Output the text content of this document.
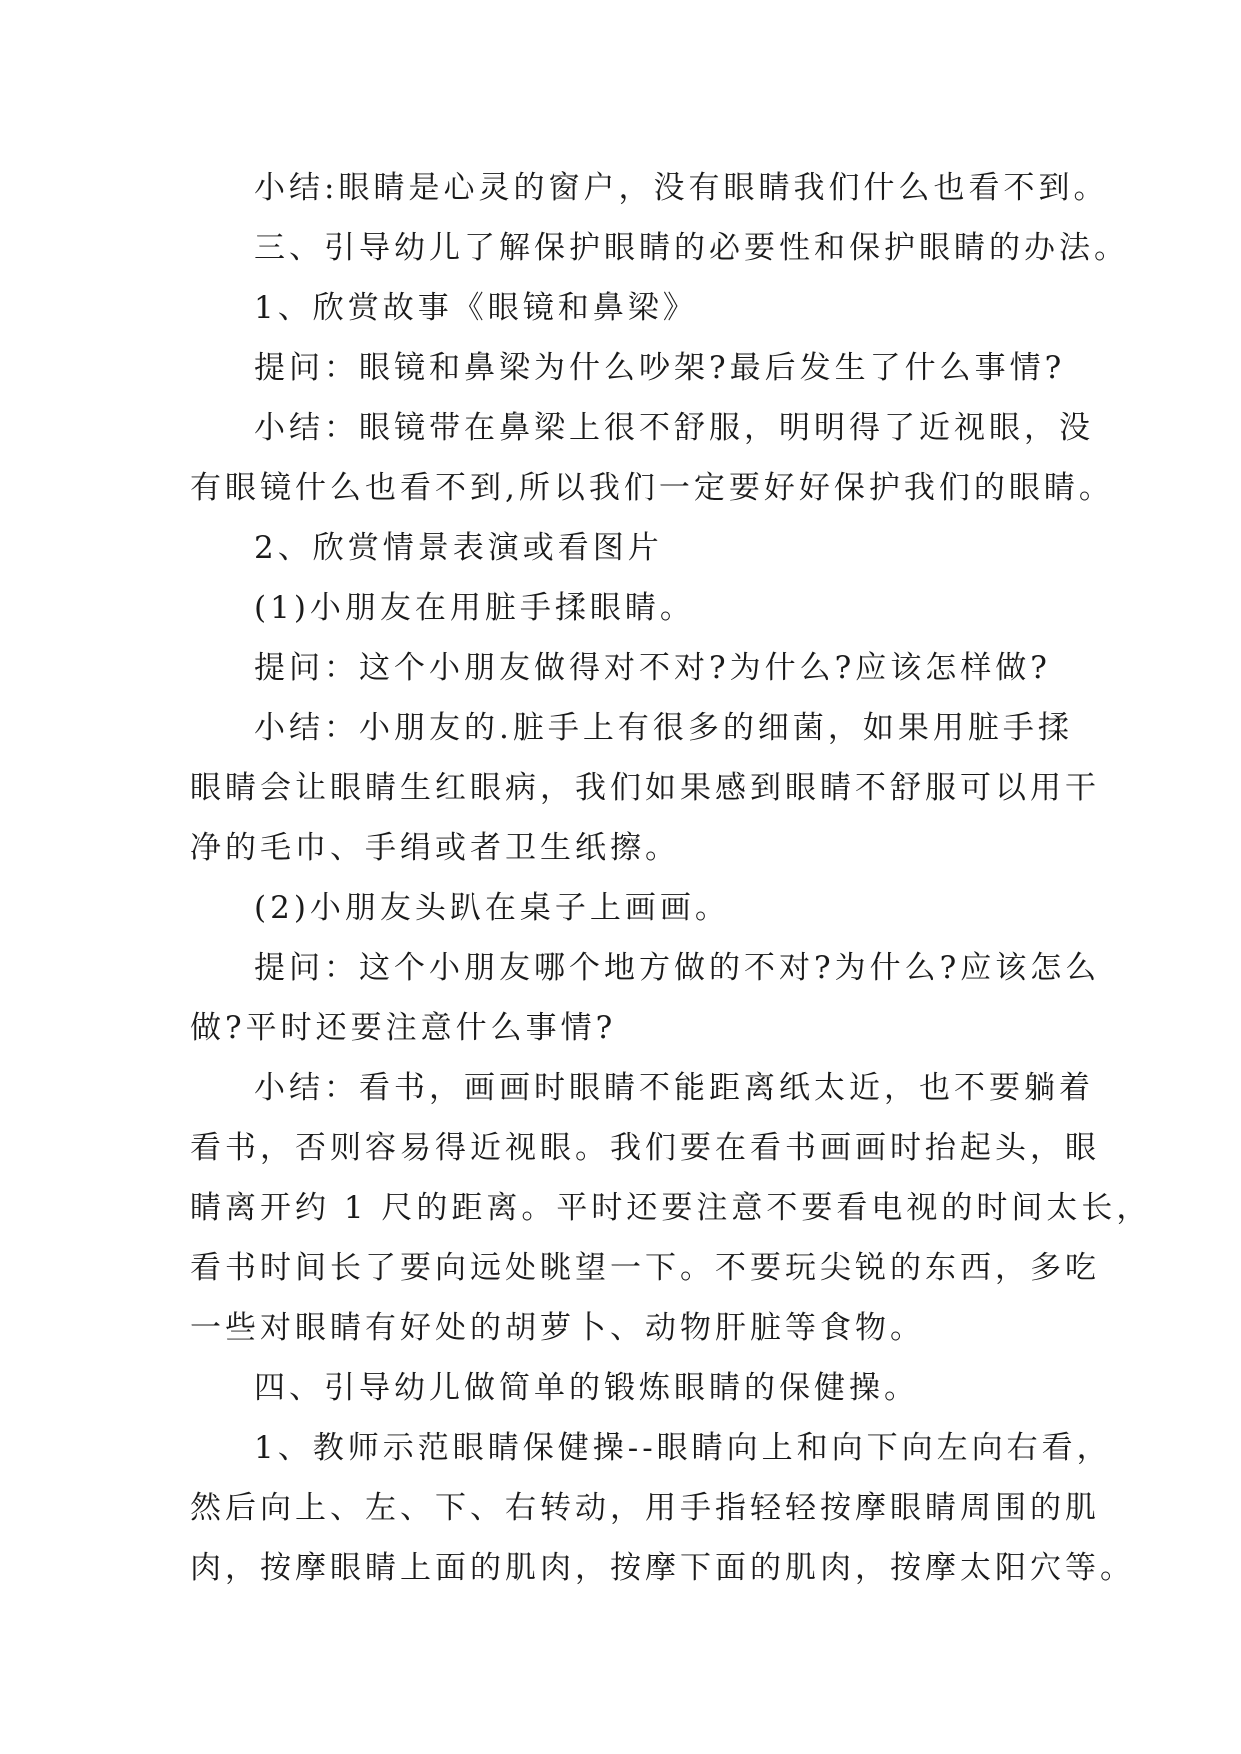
小结:眼睛是心灵的窗户，没有眼睛我们什么也看不到。

三、引导幼儿了解保护眼睛的必要性和保护眼睛的办法。

1、欣赏故事《眼镜和鼻梁》

提问：眼镜和鼻梁为什么吵架?最后发生了什么事情?

小结：眼镜带在鼻梁上很不舒服，明明得了近视眼，没

有眼镜什么也看不到,所以我们一定要好好保护我们的眼睛。

2、欣赏情景表演或看图片

(1)小朋友在用脏手揉眼睛。

提问：这个小朋友做得对不对?为什么?应该怎样做?

小结：小朋友的.脏手上有很多的细菌，如果用脏手揉

眼睛会让眼睛生红眼病，我们如果感到眼睛不舒服可以用干

净的毛巾、手绢或者卫生纸擦。

(2)小朋友头趴在桌子上画画。

提问：这个小朋友哪个地方做的不对?为什么?应该怎么

做?平时还要注意什么事情?

小结：看书，画画时眼睛不能距离纸太近，也不要躺着

看书，否则容易得近视眼。我们要在看书画画时抬起头，眼

睛离开约 1 尺的距离。平时还要注意不要看电视的时间太长，

看书时间长了要向远处眺望一下。不要玩尖锐的东西，多吃

一些对眼睛有好处的胡萝卜、动物肝脏等食物。

四、引导幼儿做简单的锻炼眼睛的保健操。

1、教师示范眼睛保健操--眼睛向上和向下向左向右看，

然后向上、左、下、右转动，用手指轻轻按摩眼睛周围的肌

肉，按摩眼睛上面的肌肉，按摩下面的肌肉，按摩太阳穴等。
